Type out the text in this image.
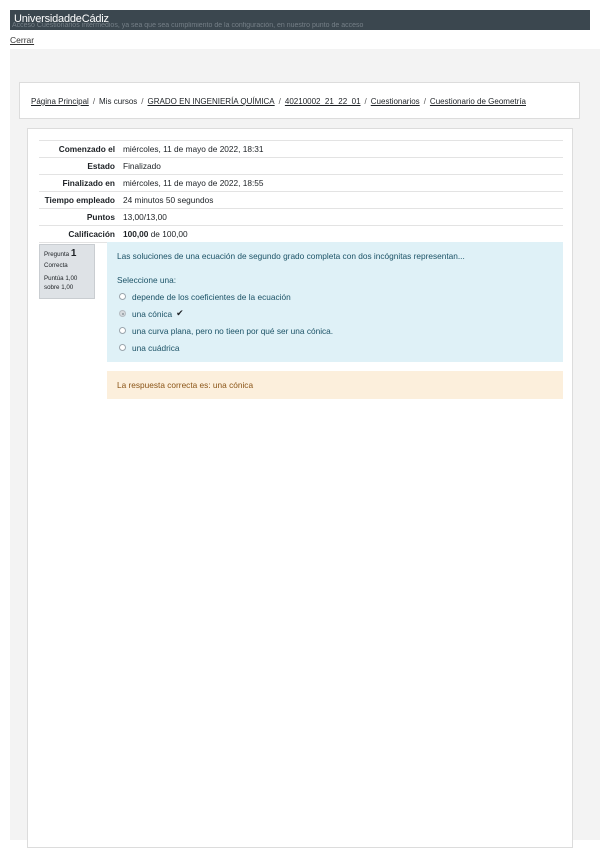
UniversidaddeCádiz
Acceso Cuestionarios intermedios, ya sea que sea cumplimiento de la configuración, en nuestro punto de acceso
Cerrar
Página Principal / Mis cursos / GRADO EN INGENIERÍA QUÍMICA / 40210002_21_22_01 / Cuestionarios / Cuestionario de Geometría
Comenzado el	miércoles, 11 de mayo de 2022, 18:31
Estado	Finalizado
Finalizado en	miércoles, 11 de mayo de 2022, 18:55
Tiempo empleado	24 minutos 50 segundos
Puntos	13,00/13,00
Calificación	100,00 de 100,00
Pregunta 1
Correcta
Puntúa 1,00 sobre 1,00
Las soluciones de una ecuación de segundo grado completa con dos incógnitas representan...
Seleccione una:
depende de los coeficientes de la ecuación
una cónica ✔
una curva plana, pero no tieen por qué ser una cónica.
una cuádrica
La respuesta correcta es: una cónica
